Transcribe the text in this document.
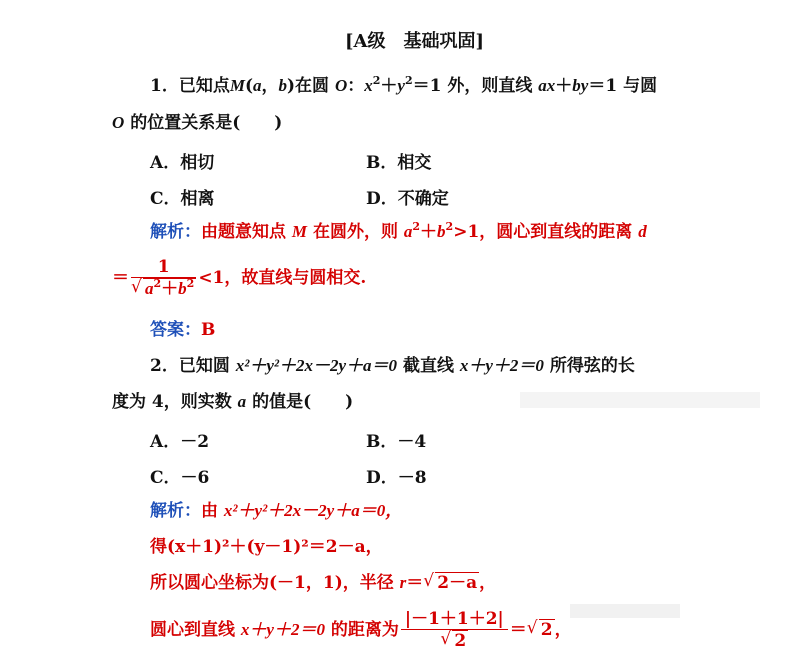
[A级　基础巩固]
1．已知点M(a，b)在圆 O：$x^2+y^2=1$ 外，则直线 ax＋by＝1 与圆
O 的位置关系是(　　)
A．相切	B．相交
C．相离	D．不确定
解析：由题意知点 M 在圆外，则 $a^2+b^2>1$，圆心到直线的距离 d
＝ 1
√ $a^2+b^2 <1$，故直线与圆相交.
答案：B
2．已知圆 x²＋y²＋2x－2y＋a＝0 截直线 x＋y＋2＝0 所得弦的长
度为 4，则实数 a 的值是(　　)
A．－2	B．－4
C．－6	D．－8
解析：由 x²＋y²＋2x－2y＋a＝0，
得(x＋1)²＋(y－1)²＝2－a，
所以圆心坐标为(－1，1)，半径 r＝ √ 2－a ，
圆心到直线 x＋y＋2＝0 的距离为 |－1＋1＋2|
√ 2 ＝ √ 2 ，
